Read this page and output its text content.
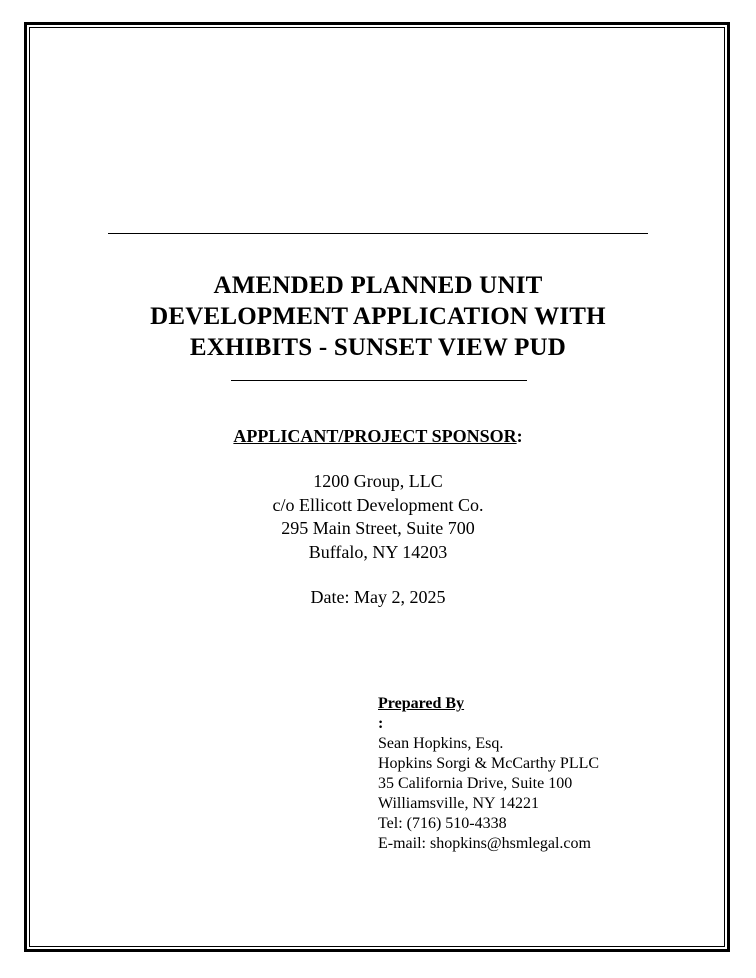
AMENDED PLANNED UNIT
DEVELOPMENT APPLICATION WITH
EXHIBITS - SUNSET VIEW PUD
APPLICANT/PROJECT SPONSOR:
1200 Group, LLC
c/o Ellicott Development Co.
295 Main Street, Suite 700
Buffalo, NY 14203
Date: May 2, 2025
Prepared By
:
Sean Hopkins, Esq.
Hopkins Sorgi & McCarthy PLLC
35 California Drive, Suite 100
Williamsville, NY 14221
Tel: (716) 510-4338
E-mail: shopkins@hsmlegal.com
